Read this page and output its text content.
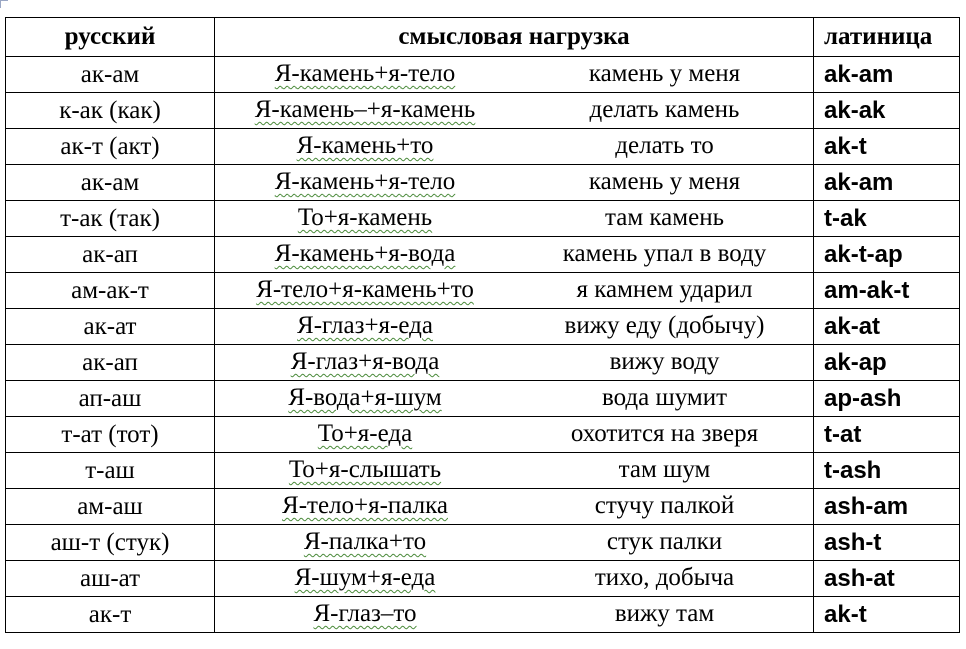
русский	смысловая нагрузка	латиница
ак-ам	Я-камень+я-тело камень у меня	ak-am
к-ак (как)	Я-камень–+я-камень делать камень	ak-ak
ак-т (акт)	Я-камень+то делать то	ak-t
ак-ам	Я-камень+я-тело камень у меня	ak-am
т-ак (так)	То+я-камень там камень	t-ak
ак-ап	Я-камень+я-вода камень упал в воду	ak-t-ap
ам-ак-т	Я-тело+я-камень+то я камнем ударил	am-ak-t
ак-ат	Я-глаз+я-еда вижу еду (добычу)	ak-at
ак-ап	Я-глаз+я-вода вижу воду	ak-ap
ап-аш	Я-вода+я-шум вода шумит	ap-ash
т-ат (тот)	То+я-еда охотится на зверя	t-at
т-аш	То+я-слышать там шум	t-ash
ам-аш	Я-тело+я-палка стучу палкой	ash-am
аш-т (стук)	Я-палка+то стук палки	ash-t
аш-ат	Я-шум+я-еда тихо, добыча	ash-at
ак-т	Я-глаз–то вижу там	ak-t
